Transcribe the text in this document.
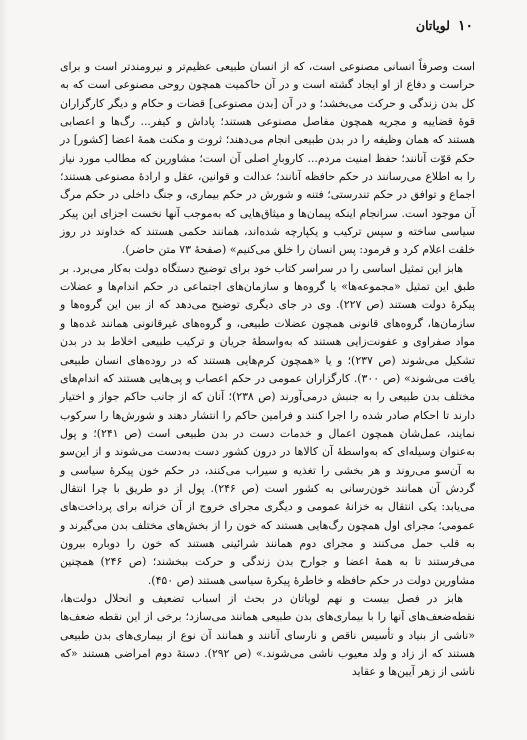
۱۰
لویاتان

است وصرفاً انسانی مصنوعی است، که از انسان طبیعی عظیم‌تر و نیرومندتر است و برای حراست و دفاع از او ایجاد گشته است و در آن حاکمیت همچون روحی مصنوعی است که به کل بدن زندگی و حرکت می‌بخشد؛ و در آن [بدن مصنوعی] قضات و حکام و دیگر کارگزاران قوهٔ قضاییه و مجریه همچون مفاصل مصنوعی هستند؛ پاداش و کیفر... رگ‌ها و اعصابی هستند که همان وظیفه را در بدن طبیعی انجام می‌دهند؛ ثروت و مکنت همهٔ اعضا [کشور] در حکم قوّت آنانند؛ حفظ امنیت مردم... کاروبارِ اصلی آن است؛ مشاورین که مطالب مورد نیاز را به اطلاع می‌رسانند در حکم حافظه آنانند؛ عدالت و قوانین، عقل و ارادهٔ مصنوعی هستند؛ اجماع و توافق در حکم تندرستی؛ فتنه و شورش در حکم بیماری، و جنگ داخلی در حکم مرگ آن موجود است. سرانجام اینکه پیمان‌ها و میثاق‌هایی که به‌موجب آنها نخست اجزای این پیکر سیاسی ساخته و سپس ترکیب و یکپارچه شده‌اند، همانند حکمی هستند که خداوند در روز خلقت اعلام کرد و فرمود: پس انسان را خلق می‌کنیم» (صفحهٔ ۷۳ متن حاضر).

هابز این تمثیل اساسی را در سراسر کتاب خود برای توضیح دستگاه دولت به‌کار می‌برد. بر طبق این تمثیل «مجموعه‌ها» یا گروه‌ها و سازمان‌های اجتماعی در حکم اندام‌ها و عضلات پیکرهٔ دولت هستند (ص ۲۲۷). وی در جای دیگری توضیح می‌دهد که از بین این گروه‌ها و سازمان‌ها، گروه‌های قانونی همچون عضلات طبیعی، و گروه‌های غیرقانونی همانند غده‌ها و مواد صفراوی و عفونت‌زایی هستند که به‌واسطهٔ جریان و ترکیب طبیعی اخلاط بد در بدن تشکیل می‌شوند (ص ۲۳۷)؛ و یا «همچون کرم‌هایی هستند که در روده‌های انسان طبیعی یافت می‌شوند» (ص ۳۰۰). کارگزاران عمومی در حکم اعصاب و پی‌هایی هستند که اندام‌های مختلف بدن طبیعی را به جنبش درمی‌آورند (ص ۲۳۸)؛ آنان که از جانب حاکم جواز و اختیار دارند تا احکام صادر شده را اجرا کنند و فرامین حاکم را انتشار دهند و شورش‌ها را سرکوب نمایند، عمل‌شان همچون اعمال و خدمات دست در بدن طبیعی است (ص ۲۴۱)؛ و پول به‌عنوان وسیله‌ای که به‌واسطهٔ آن کالاها در درون کشور دست به‌دست می‌شوند و از این‌سو به آن‌سو می‌روند و هر بخشی را تغذیه و سیراب می‌کنند، در حکم خون پیکرهٔ سیاسی و گردش آن همانند خون‌رسانی به کشور است (ص ۲۴۶). پول از دو طریق با چرا انتقال می‌یابد: یکی انتقال به خزانهٔ عمومی و دیگری مجرای خروج از آن خزانه برای پرداخت‌های عمومی؛ مجرای اول همچون رگ‌هایی هستند که خون را از بخش‌های مختلف بدن می‌گیرند و به قلب حمل می‌کنند و مجرای دوم همانند شرائینی هستند که خون را دوباره بیرون می‌فرستند تا به همهٔ اعضا و جوارح بدن زندگی و حرکت ببخشند؛ (ص ۲۴۶) همچنین مشاورین دولت در حکم حافظه و خاطرهٔ پیکرهٔ سیاسی هستند (ص ۴۵۰).

هابز در فصل بیست و نهم لویاتان در بحث از اسباب تضعیف و انحلال دولت‌ها، نقطه‌ضعف‌های آنها را با بیماری‌های بدن طبیعی همانند می‌سازد؛ برخی از این نقطه ضعف‌ها «ناشی از بنیاد و تأسیس ناقص و نارسای آنانند و همانند آن نوع از بیماری‌های بدن طبیعی هستند که از زاد و ولد معیوب ناشی می‌شوند.» (ص ۲۹۲). دستهٔ دوم امراضی هستند «که ناشی از زهر آیین‌ها و عقاید
